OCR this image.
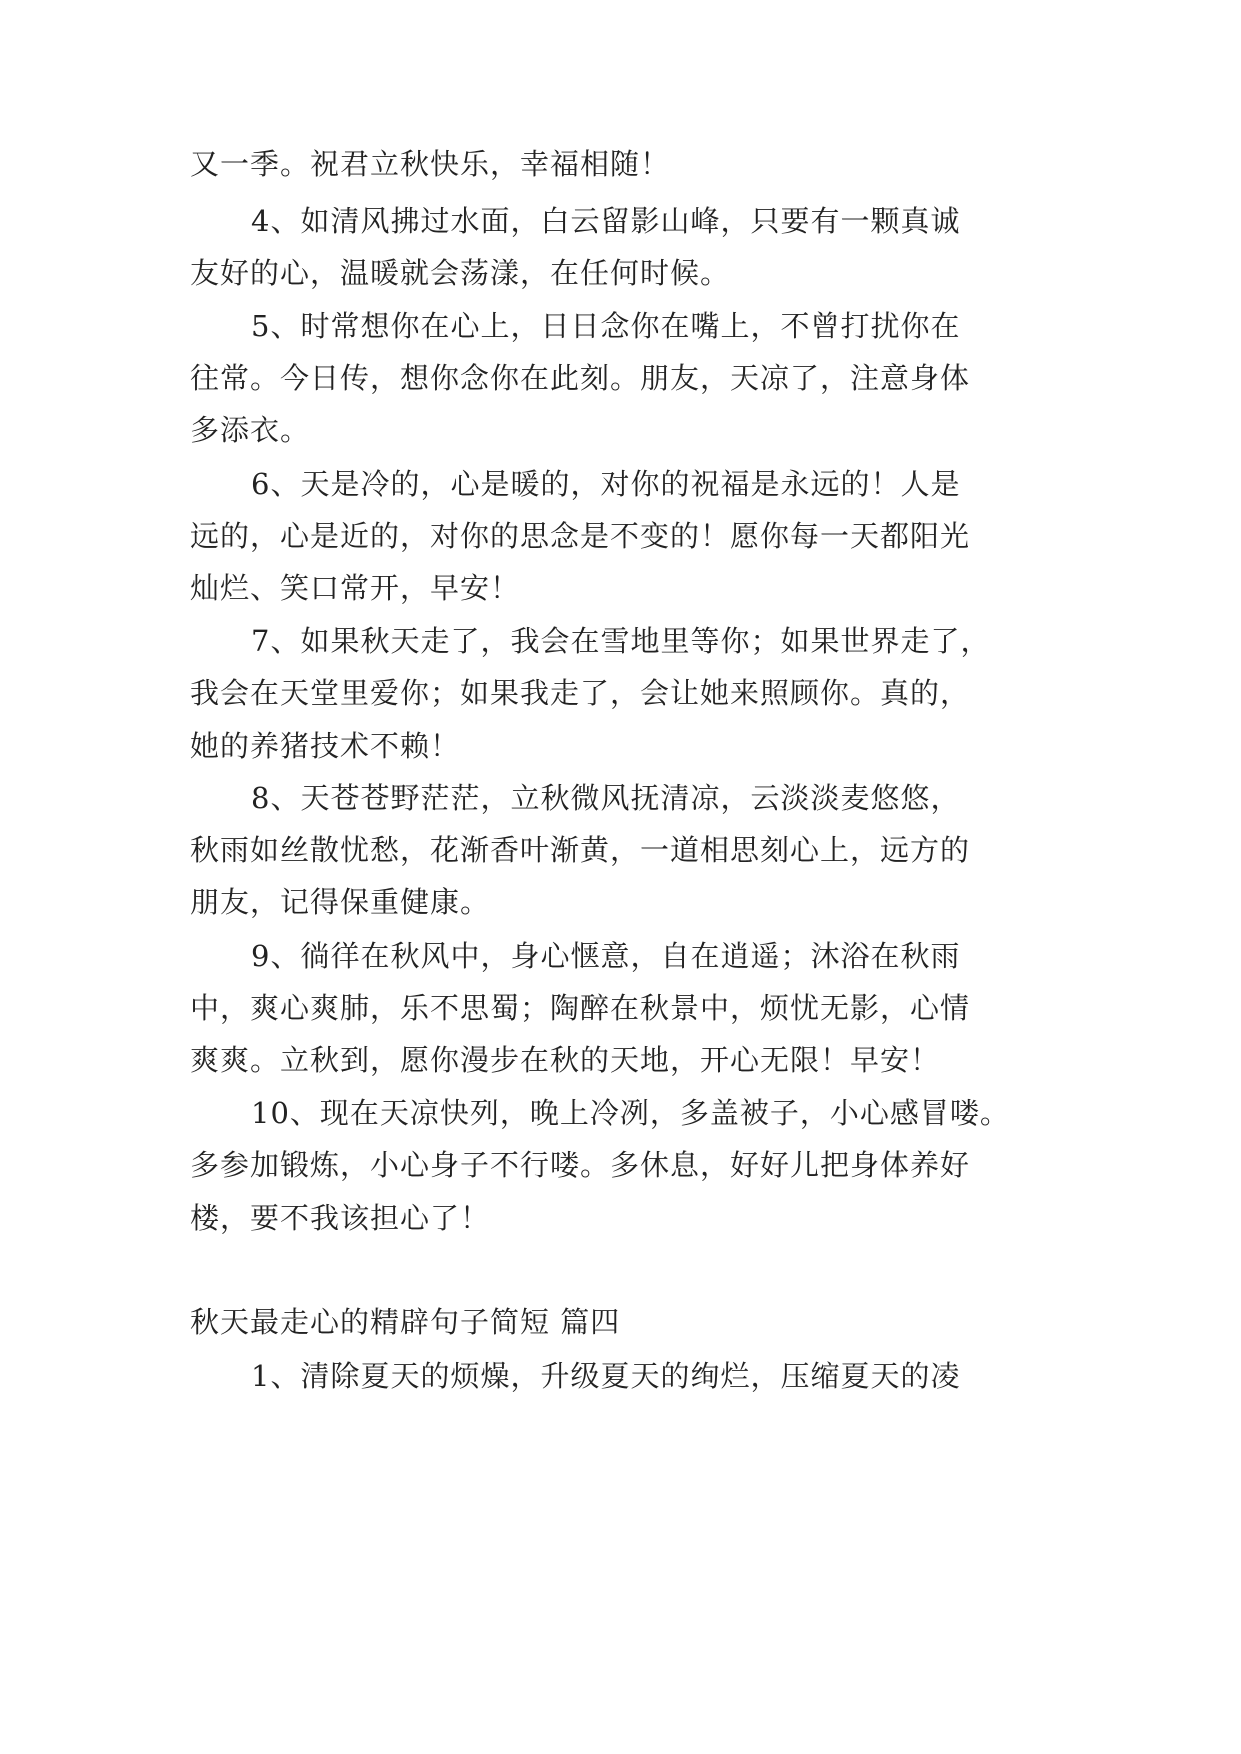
又一季。祝君立秋快乐，幸福相随！
4、如清风拂过水面，白云留影山峰，只要有一颗真诚
友好的心，温暖就会荡漾，在任何时候。
5、时常想你在心上，日日念你在嘴上，不曾打扰你在
往常。今日传，想你念你在此刻。朋友，天凉了，注意身体
多添衣。
6、天是冷的，心是暖的，对你的祝福是永远的！人是
远的，心是近的，对你的思念是不变的！愿你每一天都阳光
灿烂、笑口常开，早安！
7、如果秋天走了，我会在雪地里等你；如果世界走了，
我会在天堂里爱你；如果我走了，会让她来照顾你。真的，
她的养猪技术不赖！
8、天苍苍野茫茫，立秋微风抚清凉，云淡淡麦悠悠，
秋雨如丝散忧愁，花渐香叶渐黄，一道相思刻心上，远方的
朋友，记得保重健康。
9、徜徉在秋风中，身心惬意，自在逍遥；沐浴在秋雨
中，爽心爽肺，乐不思蜀；陶醉在秋景中，烦忧无影，心情
爽爽。立秋到，愿你漫步在秋的天地，开心无限！早安！
10、现在天凉快列，晚上冷冽，多盖被子，小心感冒喽。
多参加锻炼，小心身子不行喽。多休息，好好儿把身体养好
楼，要不我该担心了！
秋天最走心的精辟句子简短 篇四
1、清除夏天的烦燥，升级夏天的绚烂，压缩夏天的凌
